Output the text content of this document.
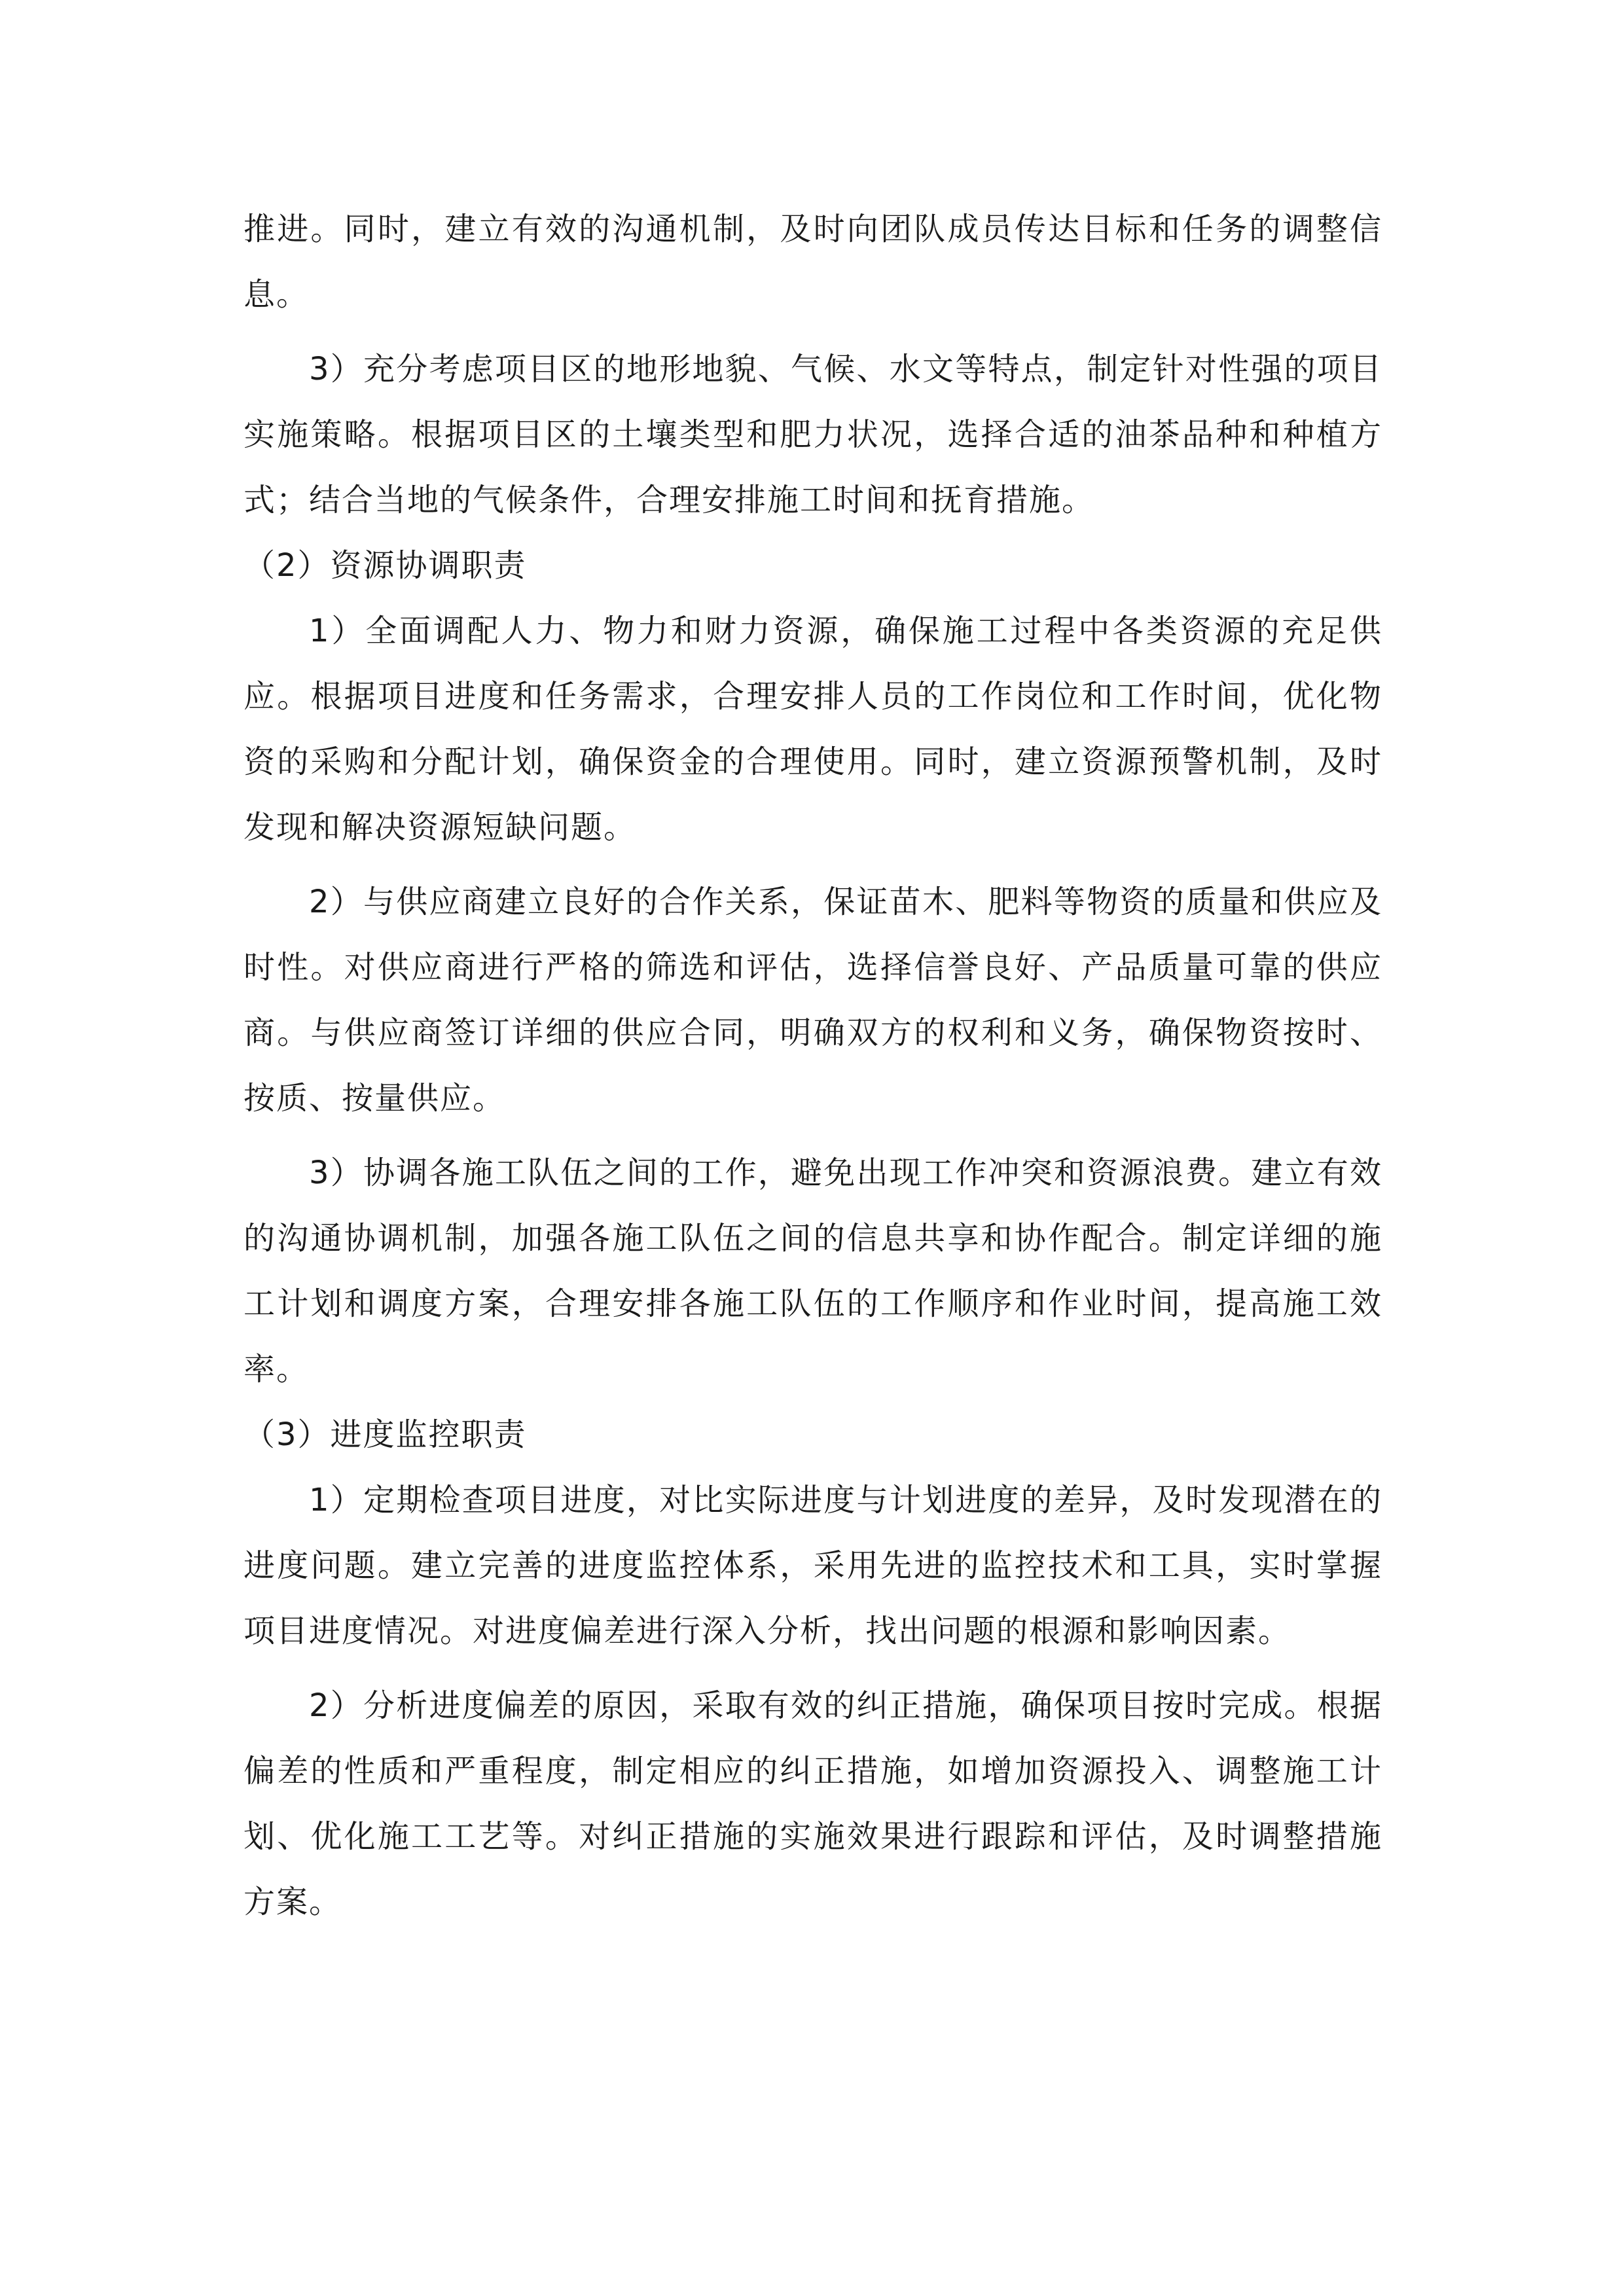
推进。同时，建立有效的沟通机制，及时向团队成员传达目标和任务的调整信息。

3）充分考虑项目区的地形地貌、气候、水文等特点，制定针对性强的项目实施策略。根据项目区的土壤类型和肥力状况，选择合适的油茶品种和种植方式；结合当地的气候条件，合理安排施工时间和抚育措施。

（2）资源协调职责

1）全面调配人力、物力和财力资源，确保施工过程中各类资源的充足供应。根据项目进度和任务需求，合理安排人员的工作岗位和工作时间，优化物资的采购和分配计划，确保资金的合理使用。同时，建立资源预警机制，及时发现和解决资源短缺问题。

2）与供应商建立良好的合作关系，保证苗木、肥料等物资的质量和供应及时性。对供应商进行严格的筛选和评估，选择信誉良好、产品质量可靠的供应商。与供应商签订详细的供应合同，明确双方的权利和义务，确保物资按时、按质、按量供应。

3）协调各施工队伍之间的工作，避免出现工作冲突和资源浪费。建立有效的沟通协调机制，加强各施工队伍之间的信息共享和协作配合。制定详细的施工计划和调度方案，合理安排各施工队伍的工作顺序和作业时间，提高施工效率。

（3）进度监控职责

1）定期检查项目进度，对比实际进度与计划进度的差异，及时发现潜在的进度问题。建立完善的进度监控体系，采用先进的监控技术和工具，实时掌握项目进度情况。对进度偏差进行深入分析，找出问题的根源和影响因素。

2）分析进度偏差的原因，采取有效的纠正措施，确保项目按时完成。根据偏差的性质和严重程度，制定相应的纠正措施，如增加资源投入、调整施工计划、优化施工工艺等。对纠正措施的实施效果进行跟踪和评估，及时调整措施方案。
